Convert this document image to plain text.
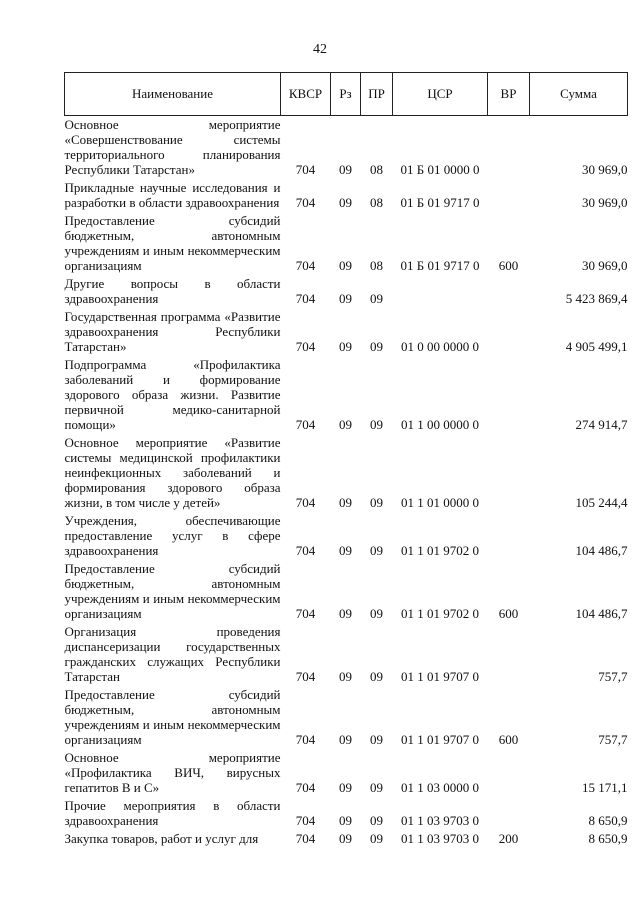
42
Наименование	КВСР	Рз	ПР	ЦСР	ВР	Сумма
Основное мероприятие «Совершенствование системы территориального планирования Республики Татарстан»	704	09	08	01 Б 01 0000 0		30 969,0
Прикладные научные исследования и разработки в области здравоохранения	704	09	08	01 Б 01 9717 0		30 969,0
Предоставление субсидий бюджетным, автономным учреждениям и иным некоммерческим организациям	704	09	08	01 Б 01 9717 0	600	30 969,0
Другие вопросы в области здравоохранения	704	09	09			5 423 869,4
Государственная программа «Развитие здравоохранения Республики Татарстан»	704	09	09	01 0 00 0000 0		4 905 499,1
Подпрограмма «Профилактика заболеваний и формирование здорового образа жизни. Развитие первичной медико-санитарной помощи»	704	09	09	01 1 00 0000 0		274 914,7
Основное мероприятие «Развитие системы медицинской профилактики неинфекционных заболеваний и формирования здорового образа жизни, в том числе у детей»	704	09	09	01 1 01 0000 0		105 244,4
Учреждения, обеспечивающие предоставление услуг в сфере здравоохранения	704	09	09	01 1 01 9702 0		104 486,7
Предоставление субсидий бюджетным, автономным учреждениям и иным некоммерческим организациям	704	09	09	01 1 01 9702 0	600	104 486,7
Организация проведения диспансеризации государственных гражданских служащих Республики Татарстан	704	09	09	01 1 01 9707 0		757,7
Предоставление субсидий бюджетным, автономным учреждениям и иным некоммерческим организациям	704	09	09	01 1 01 9707 0	600	757,7
Основное мероприятие «Профилактика ВИЧ, вирусных гепатитов В и С»	704	09	09	01 1 03 0000 0		15 171,1
Прочие мероприятия в области здравоохранения	704	09	09	01 1 03 9703 0		8 650,9
Закупка товаров, работ и услуг для	704	09	09	01 1 03 9703 0	200	8 650,9
